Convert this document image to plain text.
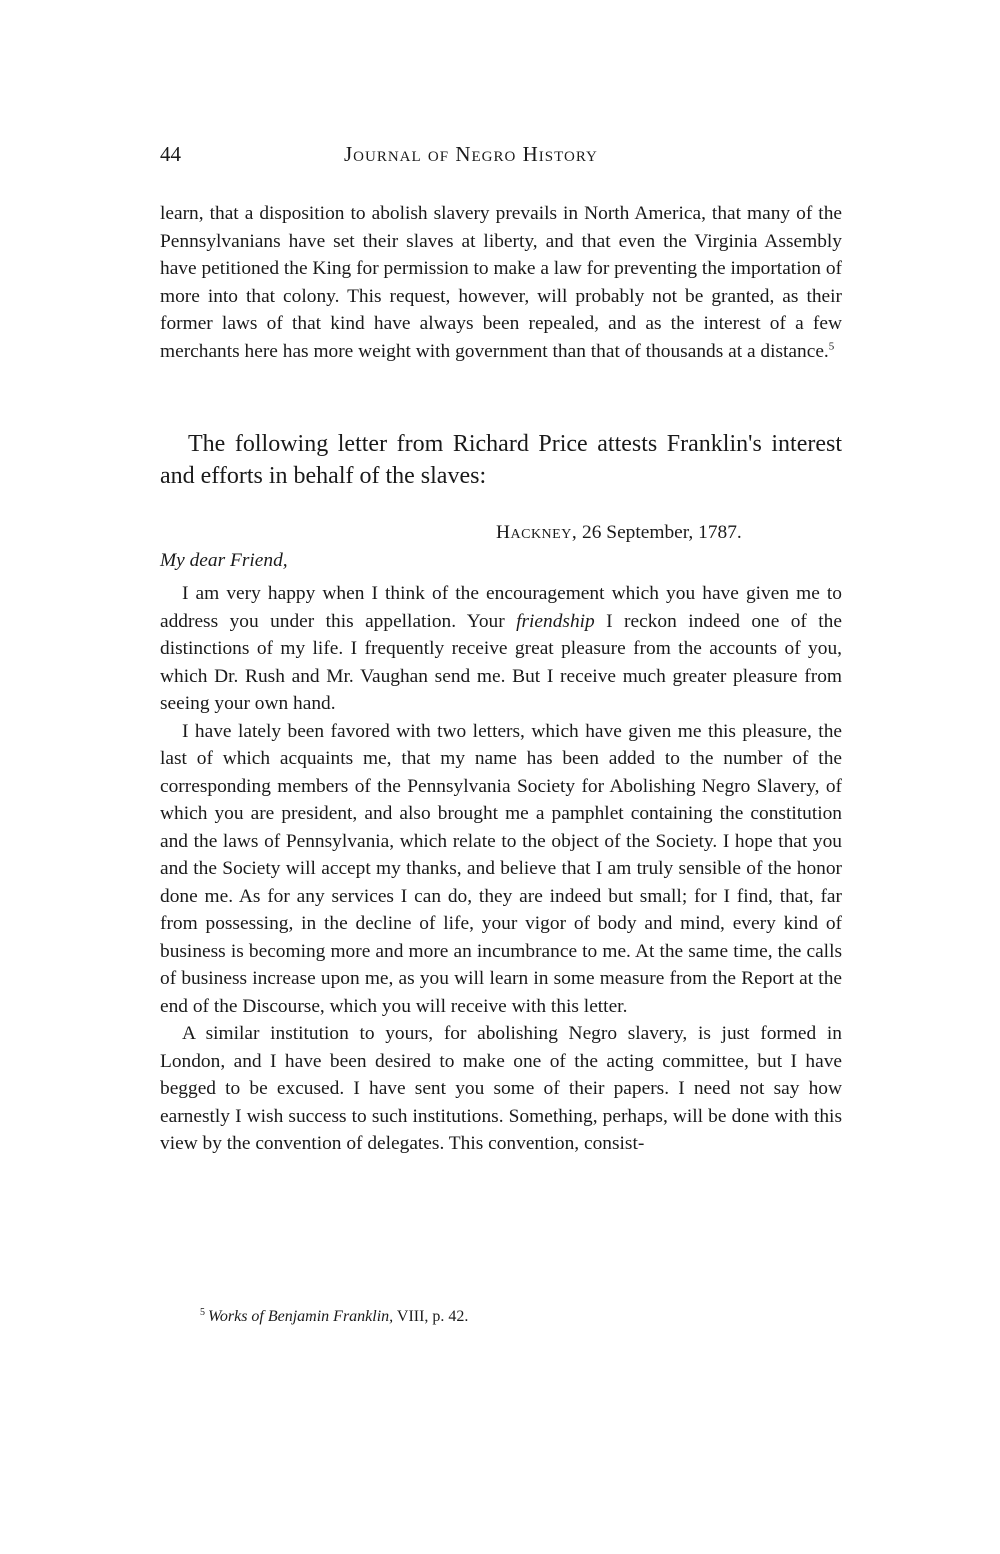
44	Journal of Negro History

learn, that a disposition to abolish slavery prevails in North America, that many of the Pennsylvanians have set their slaves at liberty, and that even the Virginia Assembly have petitioned the King for permission to make a law for preventing the importation of more into that colony. This request, however, will probably not be granted, as their former laws of that kind have always been repealed, and as the interest of a few merchants here has more weight with government than that of thousands at a distance.$^5$

The following letter from Richard Price attests Franklin's interest and efforts in behalf of the slaves:

Hackney, 26 September, 1787.
My dear Friend,

I am very happy when I think of the encouragement which you have given me to address you under this appellation. Your friendship I reckon indeed one of the distinctions of my life. I frequently receive great pleasure from the accounts of you, which Dr. Rush and Mr. Vaughan send me. But I receive much greater pleasure from seeing your own hand.

I have lately been favored with two letters, which have given me this pleasure, the last of which acquaints me, that my name has been added to the number of the corresponding members of the Pennsylvania Society for Abolishing Negro Slavery, of which you are president, and also brought me a pamphlet containing the constitution and the laws of Pennsylvania, which relate to the object of the Society. I hope that you and the Society will accept my thanks, and believe that I am truly sensible of the honor done me. As for any services I can do, they are indeed but small; for I find, that, far from possessing, in the decline of life, your vigor of body and mind, every kind of business is becoming more and more an incumbrance to me. At the same time, the calls of business increase upon me, as you will learn in some measure from the Report at the end of the Discourse, which you will receive with this letter.

A similar institution to yours, for abolishing Negro slavery, is just formed in London, and I have been desired to make one of the acting committee, but I have begged to be excused. I have sent you some of their papers. I need not say how earnestly I wish success to such institutions. Something, perhaps, will be done with this view by the convention of delegates. This convention, consist-

$^5$ Works of Benjamin Franklin, VIII, p. 42.
